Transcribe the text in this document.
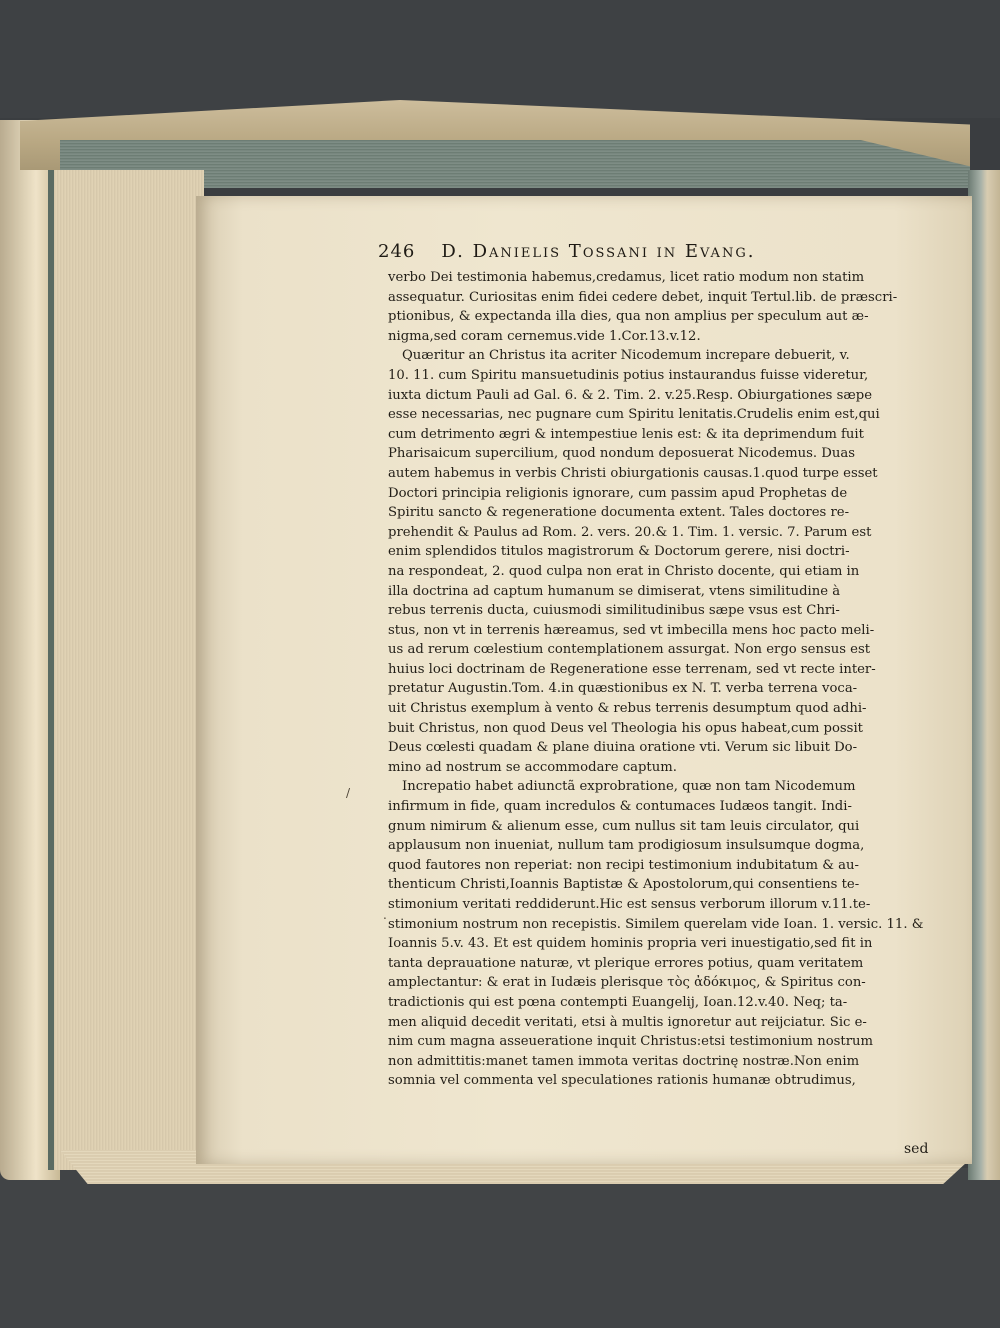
246 D. Danielis Tossani in Evang.
verbo Dei testimonia habemus,credamus, licet ratio modum non statim
assequatur. Curiositas enim fidei cedere debet, inquit Tertul.lib. de præscri-
ptionibus, & expectanda illa dies, qua non amplius per speculum aut æ-
nigma,sed coram cernemus.vide 1.Cor.13.v.12.
Quæritur an Christus ita acriter Nicodemum increpare debuerit, v.
10. 11. cum Spiritu mansuetudinis potius instaurandus fuisse videretur,
iuxta dictum Pauli ad Gal. 6. & 2. Tim. 2. v.25.Resp. Obiurgationes sæpe
esse necessarias, nec pugnare cum Spiritu lenitatis.Crudelis enim est,qui
cum detrimento ægri & intempestiue lenis est: & ita deprimendum fuit
Pharisaicum supercilium, quod nondum deposuerat Nicodemus. Duas
autem habemus in verbis Christi obiurgationis causas.1.quod turpe esset
Doctori principia religionis ignorare, cum passim apud Prophetas de
Spiritu sancto & regeneratione documenta extent. Tales doctores re-
prehendit & Paulus ad Rom. 2. vers. 20.& 1. Tim. 1. versic. 7. Parum est
enim splendidos titulos magistrorum & Doctorum gerere, nisi doctri-
na respondeat, 2. quod culpa non erat in Christo docente, qui etiam in
illa doctrina ad captum humanum se dimiserat, vtens similitudine à
rebus terrenis ducta, cuiusmodi similitudinibus sæpe vsus est Chri-
stus, non vt in terrenis hæreamus, sed vt imbecilla mens hoc pacto meli-
us ad rerum cœlestium contemplationem assurgat. Non ergo sensus est
huius loci doctrinam de Regeneratione esse terrenam, sed vt recte inter-
pretatur Augustin.Tom. 4.in quæstionibus ex N. T. verba terrena voca-
uit Christus exemplum à vento & rebus terrenis desumptum quod adhi-
buit Christus, non quod Deus vel Theologia his opus habeat,cum possit
Deus cœlesti quadam & plane diuina oratione vti. Verum sic libuit Do-
mino ad nostrum se accommodare captum.
Increpatio habet adiunctã exprobratione, quæ non tam Nicodemum
infirmum in fide, quam incredulos & contumaces Iudæos tangit. Indi-
gnum nimirum & alienum esse, cum nullus sit tam leuis circulator, qui
applausum non inueniat, nullum tam prodigiosum insulsumque dogma,
quod fautores non reperiat: non recipi testimonium indubitatum & au-
thenticum Christi,Ioannis Baptistæ & Apostolorum,qui consentiens te-
stimonium veritati reddiderunt.Hic est sensus verborum illorum v.11.te-
stimonium nostrum non recepistis. Similem querelam vide Ioan. 1. versic. 11. &
Ioannis 5.v. 43. Et est quidem hominis propria veri inuestigatio,sed fit in
tanta deprauatione naturæ, vt plerique errores potius, quam veritatem
amplectantur: & erat in Iudæis plerisque τὸς ἀδόκιμος, & Spiritus con-
tradictionis qui est pœna contempti Euangelij, Ioan.12.v.40. Neq; ta-
men aliquid decedit veritati, etsi à multis ignoretur aut reijciatur. Sic e-
nim cum magna asseueratione inquit Christus:etsi testimonium nostrum
non admittitis:manet tamen immota veritas doctrinę nostræ.Non enim
somnia vel commenta vel speculationes rationis humanæ obtrudimus,
/
.
sed
